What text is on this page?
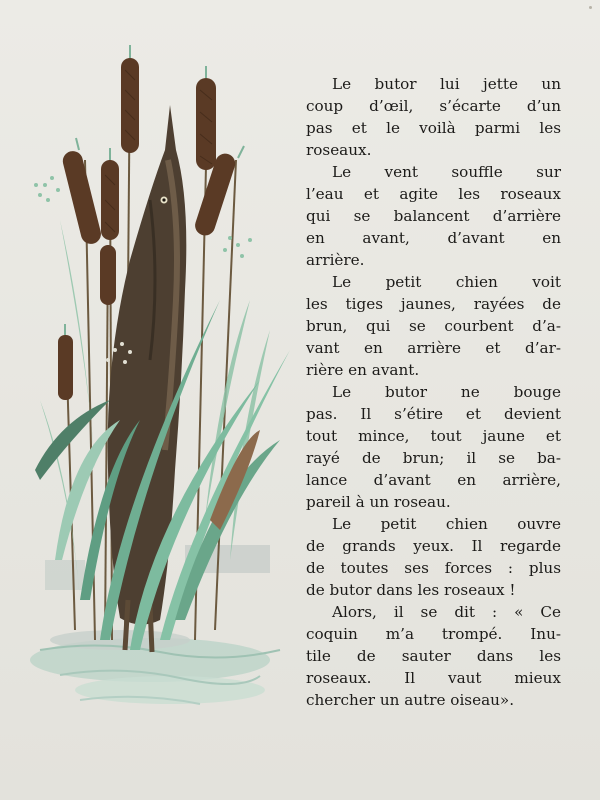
Le butor lui jette un
coup d’œil, s’écarte d’un
pas et le voilà parmi les
roseaux.

Le vent souffle sur
l’eau et agite les roseaux
qui se balancent d’arrière
en avant, d’avant en
arrière.

Le petit chien voit
les tiges jaunes, rayées de
brun, qui se courbent d’a-
vant en arrière et d’ar-
rière en avant.

Le butor ne bouge
pas. Il s’étire et devient
tout mince, tout jaune et
rayé de brun; il se ba-
lance d’avant en arrière,
pareil à un roseau.

Le petit chien ouvre
de grands yeux. Il regarde
de toutes ses forces : plus
de butor dans les roseaux !

Alors, il se dit : « Ce
coquin m’a trompé. Inu-
tile de sauter dans les
roseaux. Il vaut mieux
chercher un autre oiseau».
